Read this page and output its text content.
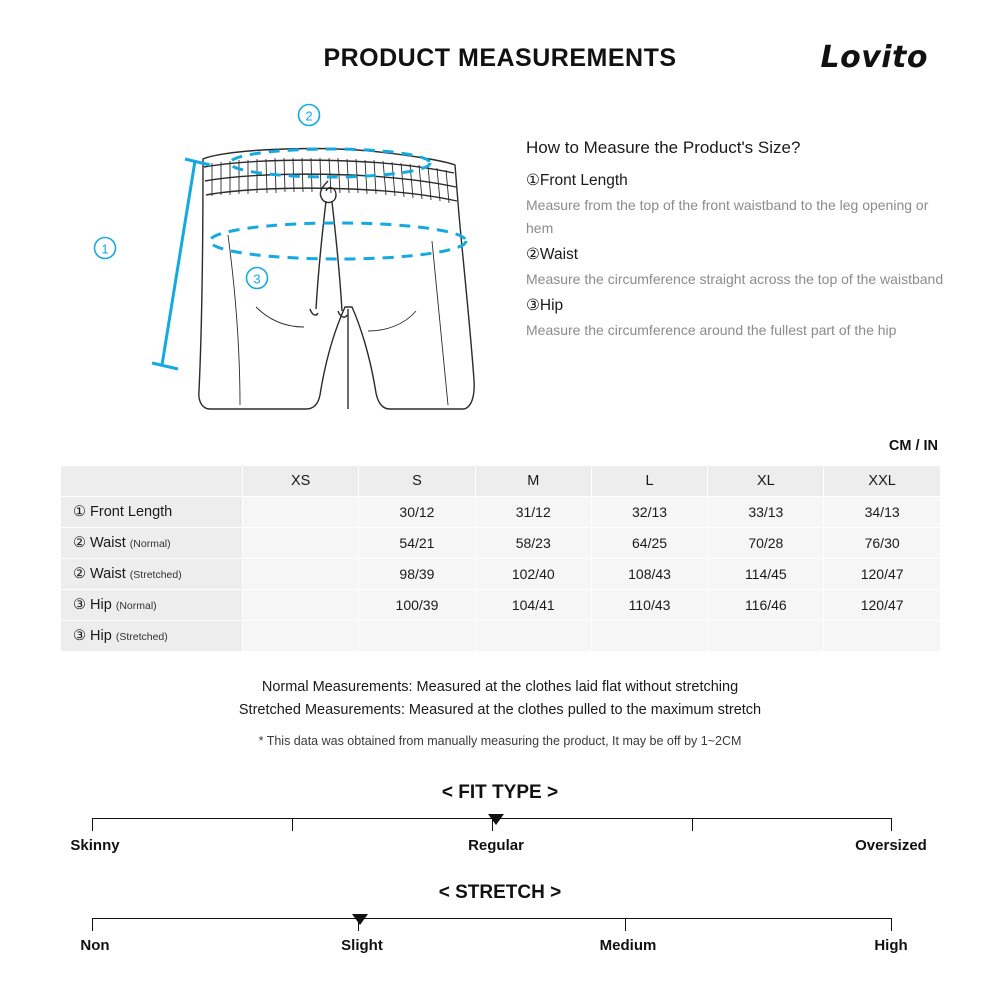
PRODUCT MEASUREMENTS	Lovito
2
1
3
How to Measure the Product's Size?

①Front Length

Measure from the top of the front waistband to the leg opening or hem

②Waist

Measure the circumference straight across the top of the waistband

③Hip

Measure the circumference around the fullest part of the hip

CM / IN
	XS	S	M	L	XL	XXL
① Front Length		30/12	31/12	32/13	33/13	34/13
② Waist (Normal)		54/21	58/23	64/25	70/28	76/30
② Waist (Stretched)		98/39	102/40	108/43	114/45	120/47
③ Hip (Normal)		100/39	104/41	110/43	116/46	120/47
③ Hip (Stretched)						
Normal Measurements: Measured at the clothes laid flat without stretching
Stretched Measurements: Measured at the clothes pulled to the maximum stretch
* This data was obtained from manually measuring the product, It may be off by 1~2CM
< FIT TYPE >
Skinny	Regular	Oversized
< STRETCH >
Non	Slight	Medium	High
